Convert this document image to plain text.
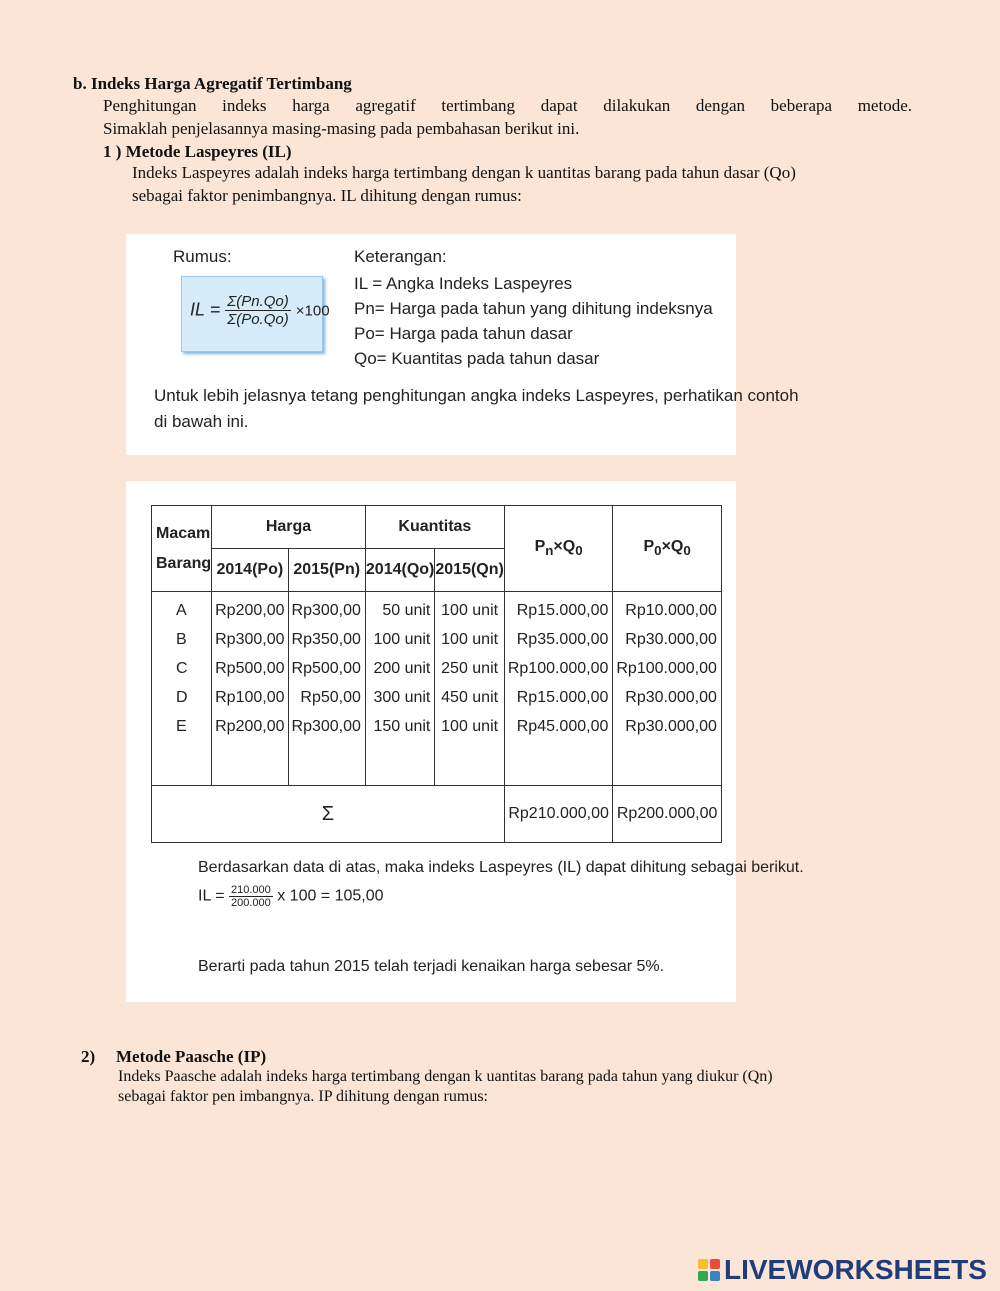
b. Indeks Harga Agregatif Tertimbang
Penghitungan indeks harga agregatif tertimbang dapat dilakukan dengan beberapa metode.
Simaklah penjelasannya masing-masing pada pembahasan berikut ini.
1 ) Metode Laspeyres (IL)
Indeks Laspeyres adalah indeks harga tertimbang dengan k uantitas barang pada tahun dasar (Qo)
sebagai faktor penimbangnya. IL dihitung dengan rumus:
Rumus:
IL = $\frac{\Sigma(Pn.Qo)}{\Sigma(Po.Qo)} \times 100$
Keterangan:
IL = Angka Indeks Laspeyres
Pn= Harga pada tahun yang dihitung indeksnya
Po= Harga pada tahun dasar
Qo= Kuantitas pada tahun dasar
Untuk lebih jelasnya tetang penghitungan angka indeks Laspeyres, perhatikan contoh
di bawah ini.
Macam
Barang	Harga		Kuantitas		$P_n\times Q_0$	$P_0\times Q_0$
	2014(Po)	2015(Pn)	2014(Qo)	2015(Qn)		
A	Rp200,00	Rp300,00	50 unit	100 unit	Rp15.000,00	Rp10.000,00
B	Rp300,00	Rp350,00	100 unit	100 unit	Rp35.000,00	Rp30.000,00
C	Rp500,00	Rp500,00	200 unit	250 unit	Rp100.000,00	Rp100.000,00
D	Rp100,00	Rp50,00	300 unit	450 unit	Rp15.000,00	Rp30.000,00
E	Rp200,00	Rp300,00	150 unit	100 unit	Rp45.000,00	Rp30.000,00

Σ					Rp210.000,00	Rp200.000,00
Berdasarkan data di atas, maka indeks Laspeyres (IL) dapat dihitung sebagai berikut.
IL = $\frac{210.000}{200.000}$ x 100 = 105,00
Berarti pada tahun 2015 telah terjadi kenaikan harga sebesar 5%.
2) Metode Paasche (IP)
Indeks Paasche adalah indeks harga tertimbang dengan k uantitas barang pada tahun yang diukur (Qn)
sebagai faktor pen imbangnya. IP dihitung dengan rumus:
LIVEWORKSHEETS
